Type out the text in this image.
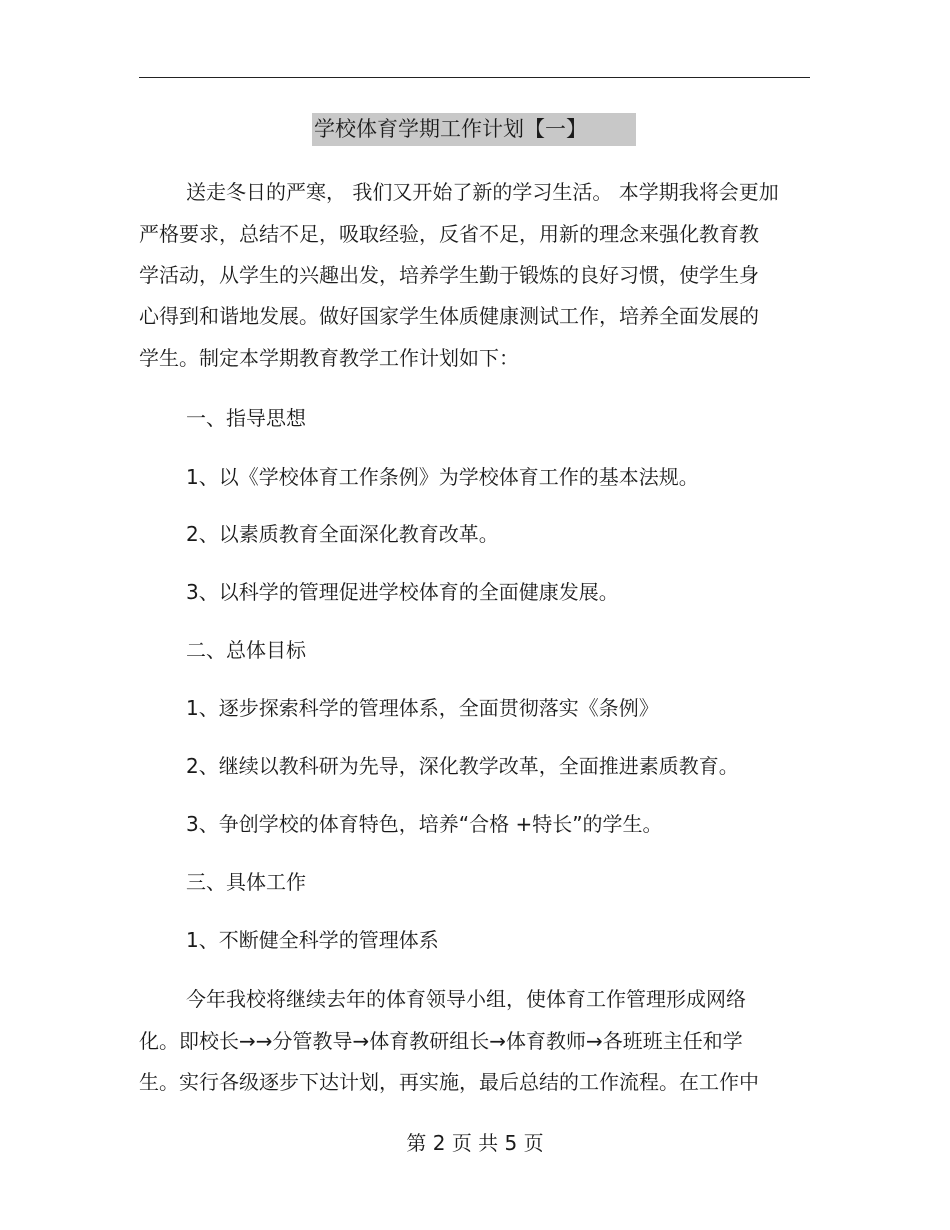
学校体育学期工作计划【一】
送走冬日的严寒， 我们又开始了新的学习生活。 本学期我将会更加
严格要求，总结不足，吸取经验，反省不足，用新的理念来强化教育教
学活动，从学生的兴趣出发，培养学生勤于锻炼的良好习惯，使学生身
心得到和谐地发展。做好国家学生体质健康测试工作，培养全面发展的
学生。制定本学期教育教学工作计划如下：
一、指导思想
1、以《学校体育工作条例》为学校体育工作的基本法规。
2、以素质教育全面深化教育改革。
3、以科学的管理促进学校体育的全面健康发展。
二、总体目标
1、逐步探索科学的管理体系，全面贯彻落实《条例》
2、继续以教科研为先导，深化教学改革，全面推进素质教育。
3、争创学校的体育特色，培养“合格 +特长”的学生。
三、具体工作
1、不断健全科学的管理体系
今年我校将继续去年的体育领导小组，使体育工作管理形成网络
化。即校长→→分管教导→体育教研组长→体育教师→各班班主任和学
生。实行各级逐步下达计划，再实施，最后总结的工作流程。在工作中
第 2 页 共 5 页
